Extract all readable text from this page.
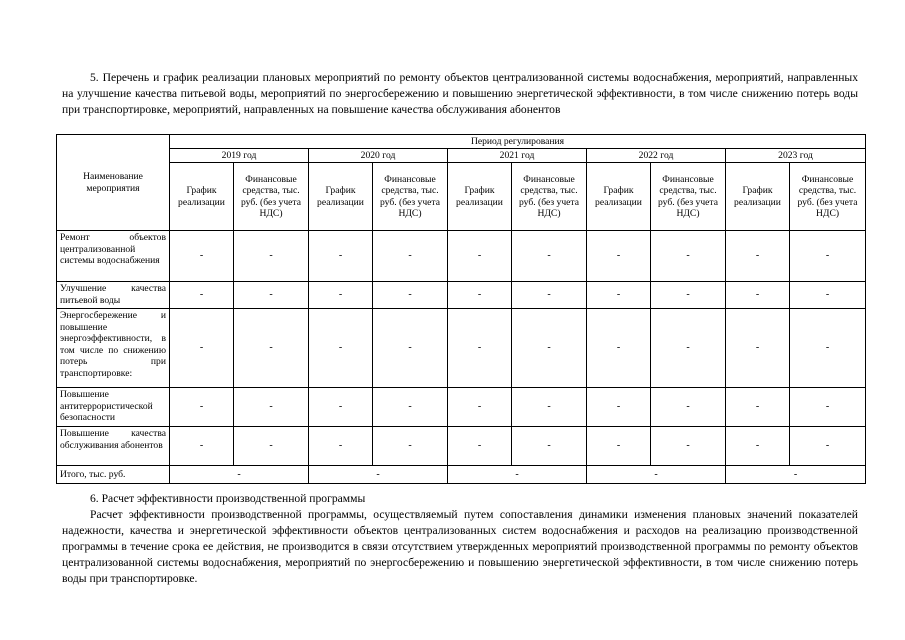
5. Перечень и график реализации плановых мероприятий по ремонту объектов централизованной системы водоснабжения, мероприятий, направленных на улучшение качества питьевой воды, мероприятий по энергосбережению и повышению энергетической эффективности, в том числе снижению потерь воды при транспортировке, мероприятий, направленных на повышение качества обслуживания абонентов
Наименование мероприятия	Период регулирования									
	2019 год		2020 год		2021 год		2022 год		2023 год	
	График реализации	Финансовые средства, тыс. руб. (без учета НДС)	График реализации	Финансовые средства, тыс. руб. (без учета НДС)	График реализации	Финансовые средства, тыс. руб. (без учета НДС)	График реализации	Финансовые средства, тыс. руб. (без учета НДС)	График реализации	Финансовые средства, тыс. руб. (без учета НДС)
Ремонт объектов централизованной системы водоснабжения	-	-	-	-	-	-	-	-	-	-
Улучшение качества питьевой воды	-	-	-	-	-	-	-	-	-	-
Энергосбережение и повышение энергоэффективности, в том числе по снижению потерь при транспортировке:	-	-	-	-	-	-	-	-	-	-
Повышение антитеррористической безопасности	-	-	-	-	-	-	-	-	-	-
Повышение качества обслуживания абонентов	-	-	-	-	-	-	-	-	-	-
Итого, тыс. руб.	-		-		-		-		-	
6. Расчет эффективности производственной программы
Расчет эффективности производственной программы, осуществляемый путем сопоставления динамики изменения плановых значений показателей надежности, качества и энергетической эффективности объектов централизованных систем водоснабжения и расходов на реализацию производственной программы в течение срока ее действия, не производится в связи отсутствием утвержденных мероприятий производственной программы по ремонту объектов централизованной системы водоснабжения, мероприятий по энергосбережению и повышению энергетической эффективности, в том числе снижению потерь воды при транспортировке.
